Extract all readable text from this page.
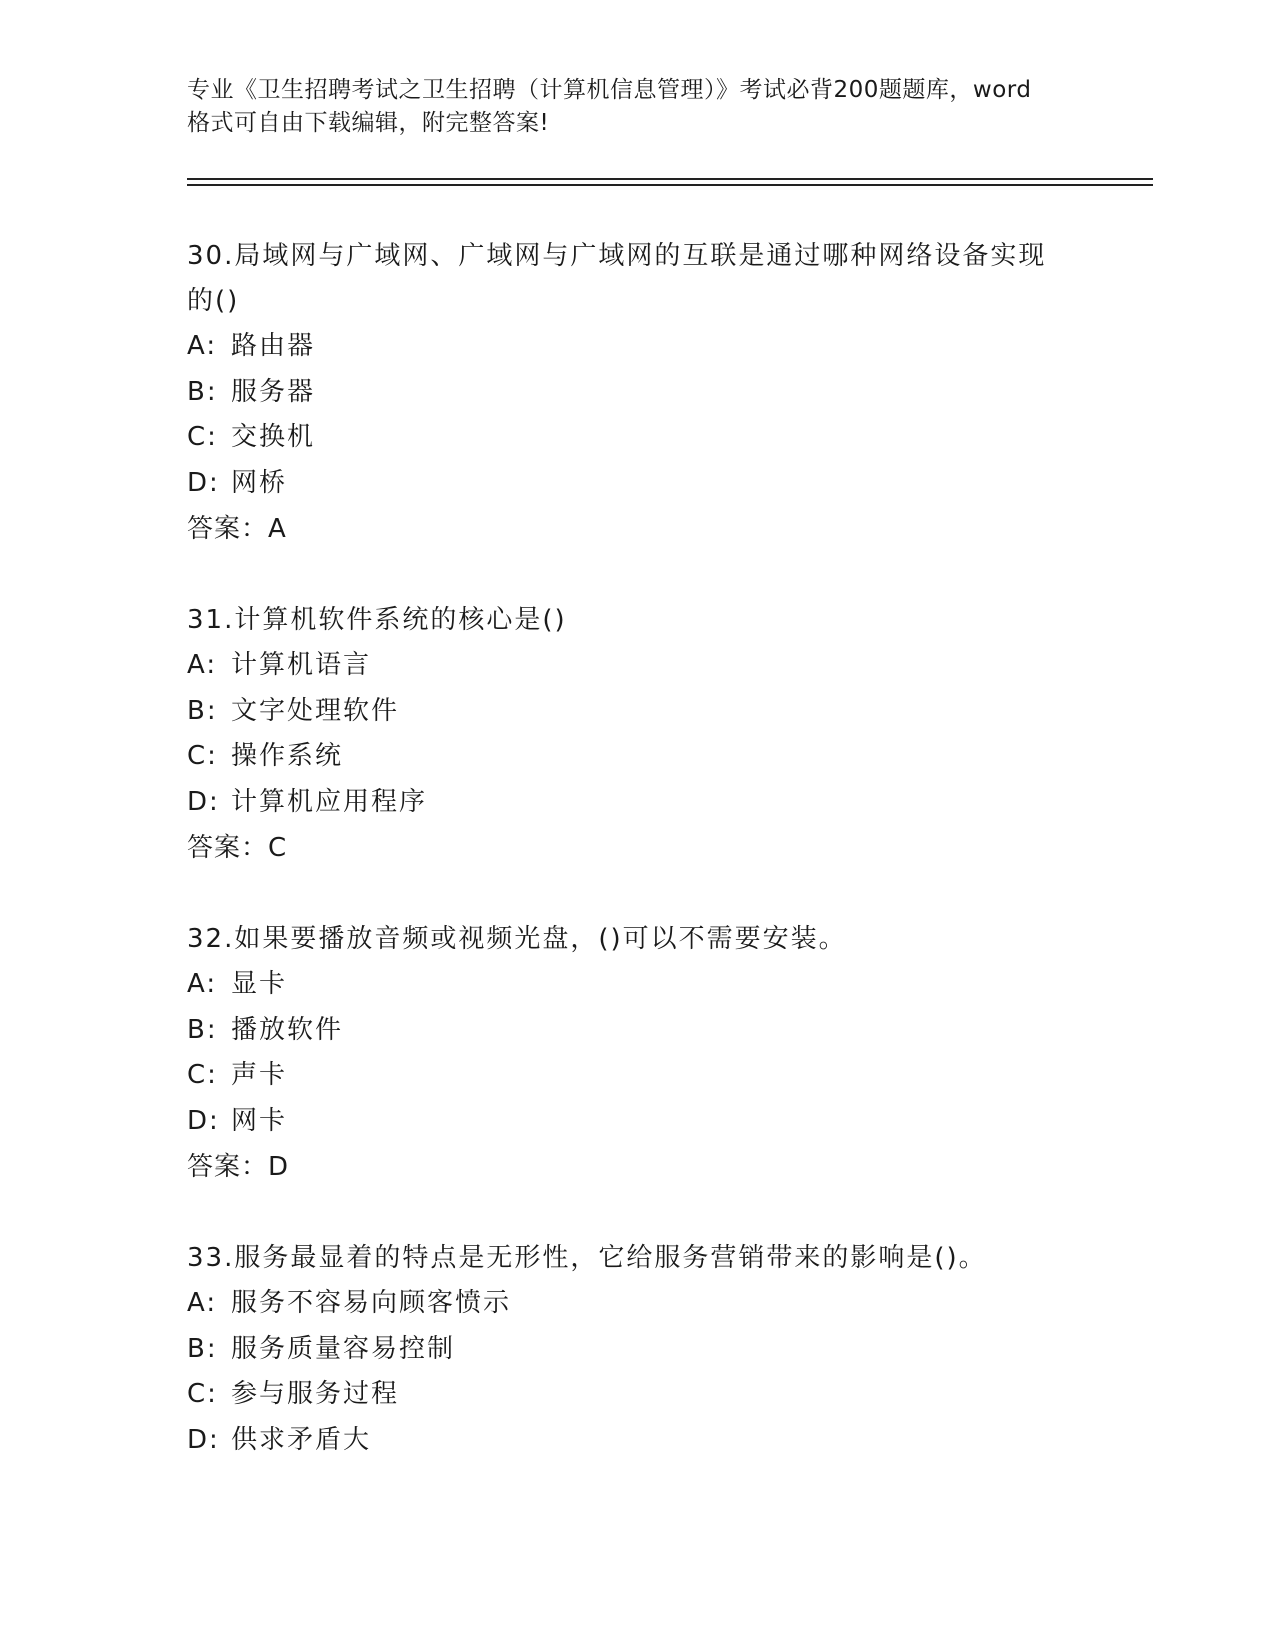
专业《卫生招聘考试之卫生招聘（计算机信息管理）》考试必背200题题库，word
格式可自由下载编辑，附完整答案!

30.局域网与广域网、广域网与广域网的互联是通过哪种网络设备实现

的()

A: 路由器

B: 服务器

C: 交换机

D: 网桥

答案：A

31.计算机软件系统的核心是()

A: 计算机语言

B: 文字处理软件

C: 操作系统

D: 计算机应用程序

答案：C

32.如果要播放音频或视频光盘，()可以不需要安装。

A: 显卡

B: 播放软件

C: 声卡

D: 网卡

答案：D

33.服务最显着的特点是无形性，它给服务营销带来的影响是()。

A: 服务不容易向顾客愤示

B: 服务质量容易控制

C: 参与服务过程

D: 供求矛盾大
